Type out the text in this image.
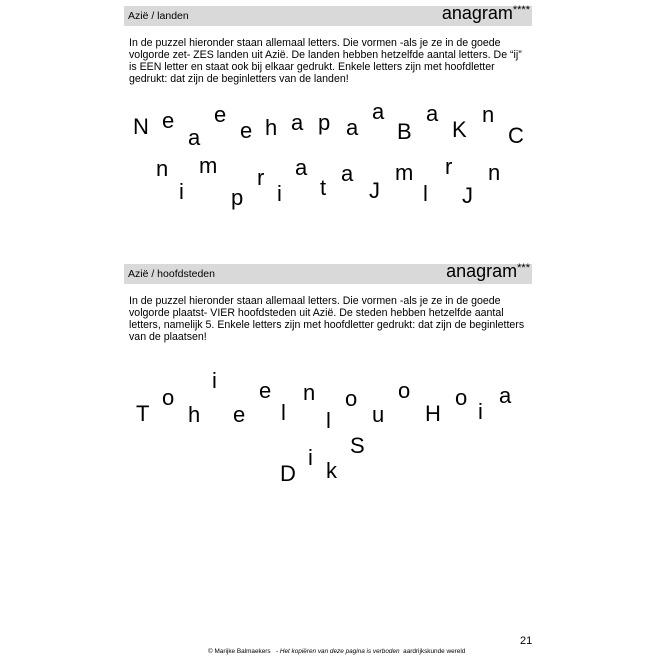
Azië / landen	anagram****

In de puzzel hieronder staan allemaal letters. Die vormen -als je ze in de goede volgorde zet- ZES landen uit Azië. De landen hebben hetzelfde aantal letters. De “ij” is EEN letter en staat ook bij elkaar gedrukt. Enkele letters zijn met hoofdletter gedrukt: dat zijn de beginletters van de landen!

N e
a
e
e h a p a
a
B
a
K
n
C
n m
i
r
p i
a
t
a
J
m
l
r n
J
Azië / hoofdsteden	anagram***

In de puzzel hieronder staan allemaal letters. Die vormen -als je ze in de goede volgorde plaatst- VIER hoofdsteden uit Azië. De steden hebben hetzelfde aantal letters, namelijk 5. Enkele letters zijn met hoofdletter gedrukt: dat zijn de beginletters van de plaatsen!

T
o
h
i
e
e
l
n
l
o
u
o
H
o
i
a
S
i
D k
21
© Marijke Balmaekers - Het kopiëren van deze pagina is verboden aardrijkskunde wereld
